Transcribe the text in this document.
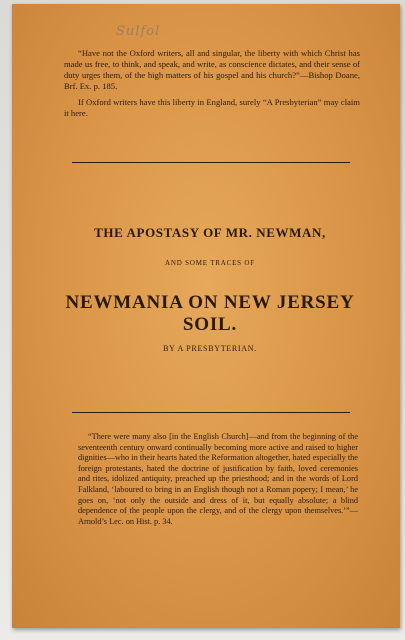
Sulfol

“Have not the Oxford writers, all and singular, the liberty with which Christ has made us free, to think, and speak, and write, as conscience dictates, and their sense of duty urges them, of the high matters of his gospel and his church?”—Bishop Doane, Brf. Ex. p. 185.

If Oxford writers have this liberty in England, surely “A Presbyterian” may claim it here.

THE APOSTASY OF MR. NEWMAN,
AND SOME TRACES OF
NEWMANIA ON NEW JERSEY SOIL.
BY A PRESBYTERIAN.

“There were many also [in the English Church]—and from the beginning of the seventeenth century onward continually becoming more active and raised to higher dignities—who in their hearts hated the Reformation altogether, hated especially the foreign protestants, hated the doctrine of justification by faith, loved ceremonies and rites, idolized antiquity, preached up the priesthood; and in the words of Lord Falkland, ‘laboured to bring in an English though not a Roman popery; I mean,’ he goes on, ‘not only the outside and dress of it, but equally absolute; a blind dependence of the people upon the clergy, and of the clergy upon themselves.’”—Arnold’s Lec. on Hist. p. 34.
